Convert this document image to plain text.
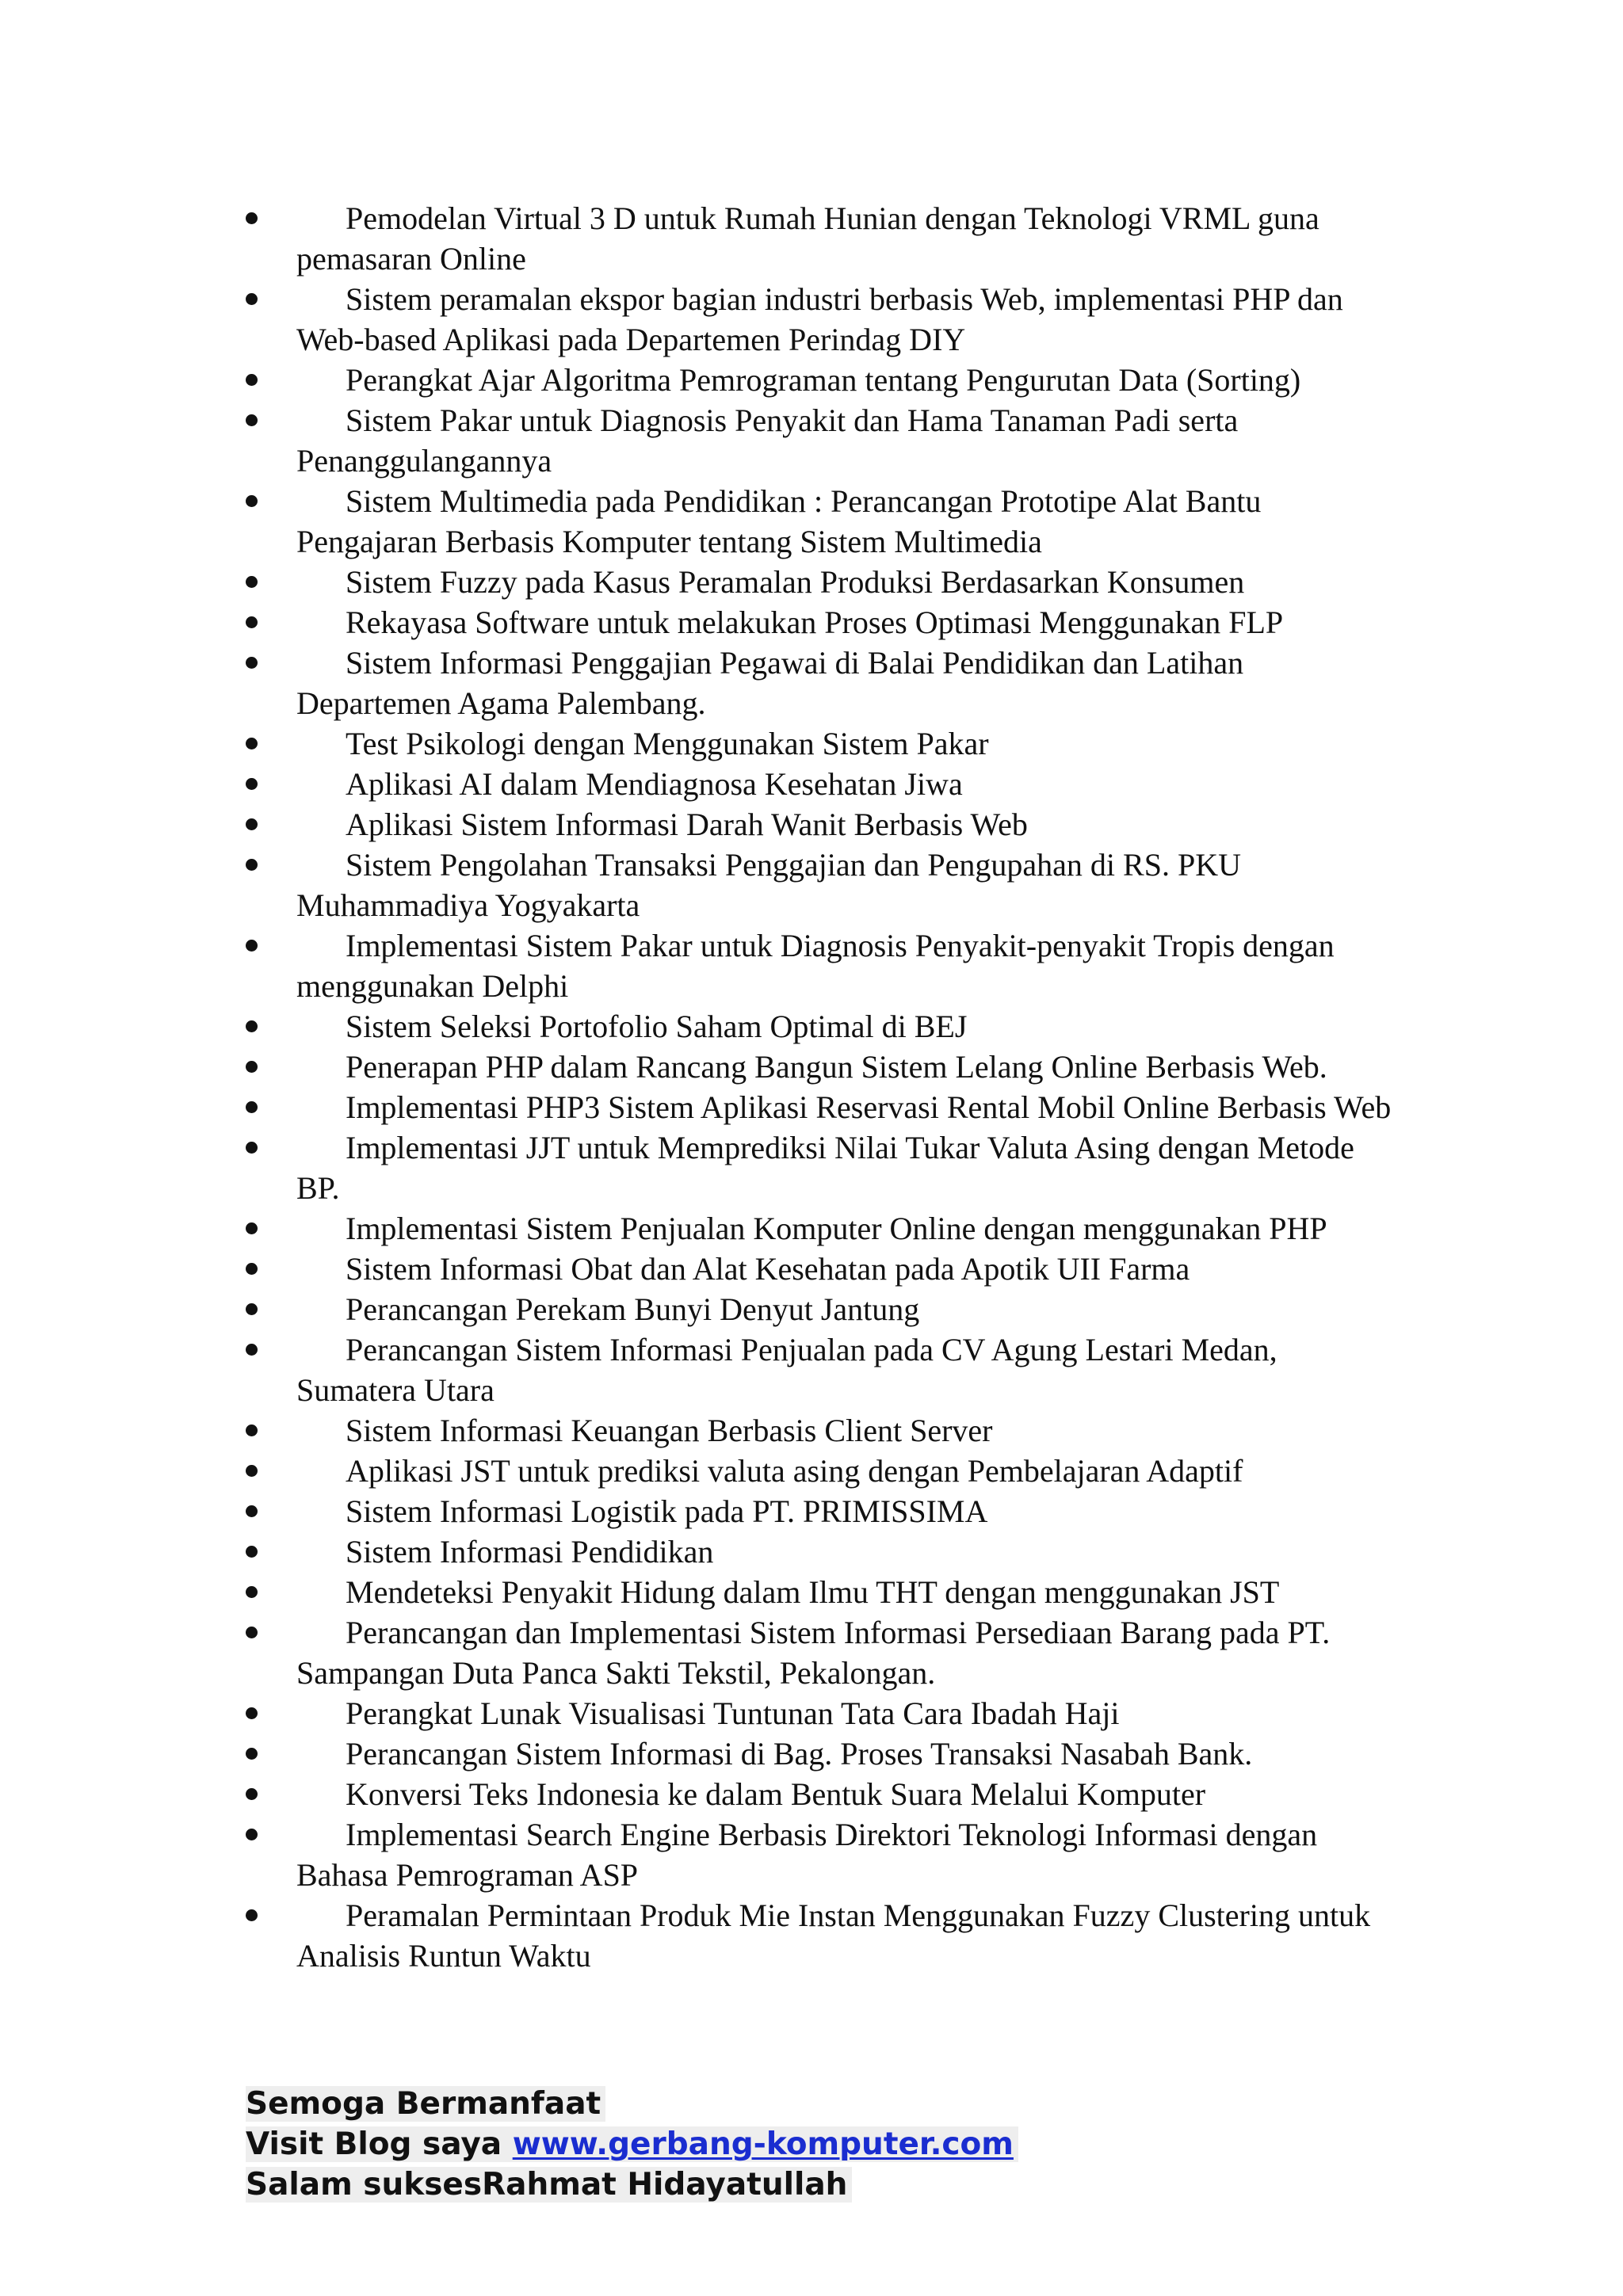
Pemodelan Virtual 3 D untuk Rumah Hunian dengan Teknologi VRML guna pemasaran Online
Sistem peramalan ekspor bagian industri berbasis Web, implementasi PHP dan Web-based Aplikasi pada Departemen Perindag DIY
Perangkat Ajar Algoritma Pemrograman tentang Pengurutan Data (Sorting)
Sistem Pakar untuk Diagnosis Penyakit dan Hama Tanaman Padi serta Penanggulangannya
Sistem Multimedia pada Pendidikan : Perancangan Prototipe Alat Bantu Pengajaran Berbasis Komputer tentang Sistem Multimedia
Sistem Fuzzy pada Kasus Peramalan Produksi Berdasarkan Konsumen
Rekayasa Software untuk melakukan Proses Optimasi Menggunakan FLP
Sistem Informasi Penggajian Pegawai di Balai Pendidikan dan Latihan Departemen Agama Palembang.
Test Psikologi dengan Menggunakan Sistem Pakar
Aplikasi AI dalam Mendiagnosa Kesehatan Jiwa
Aplikasi Sistem Informasi Darah Wanit Berbasis Web
Sistem Pengolahan Transaksi Penggajian dan Pengupahan di RS. PKU Muhammadiya Yogyakarta
Implementasi Sistem Pakar untuk Diagnosis Penyakit-penyakit Tropis dengan menggunakan Delphi
Sistem Seleksi Portofolio Saham Optimal di BEJ
Penerapan PHP dalam Rancang Bangun Sistem Lelang Online Berbasis Web.
Implementasi PHP3 Sistem Aplikasi Reservasi Rental Mobil Online Berbasis Web
Implementasi JJT untuk Memprediksi Nilai Tukar Valuta Asing dengan Metode BP.
Implementasi Sistem Penjualan Komputer Online dengan menggunakan PHP
Sistem Informasi Obat dan Alat Kesehatan pada Apotik UII Farma
Perancangan Perekam Bunyi Denyut Jantung
Perancangan Sistem Informasi Penjualan pada CV Agung Lestari Medan, Sumatera Utara
Sistem Informasi Keuangan Berbasis Client Server
Aplikasi JST untuk prediksi valuta asing dengan Pembelajaran Adaptif
Sistem Informasi Logistik pada PT. PRIMISSIMA
Sistem Informasi Pendidikan
Mendeteksi Penyakit Hidung dalam Ilmu THT dengan menggunakan JST
Perancangan dan Implementasi Sistem Informasi Persediaan Barang pada PT. Sampangan Duta Panca Sakti Tekstil, Pekalongan.
Perangkat Lunak Visualisasi Tuntunan Tata Cara Ibadah Haji
Perancangan Sistem Informasi di Bag. Proses Transaksi Nasabah Bank.
Konversi Teks Indonesia ke dalam Bentuk Suara Melalui Komputer
Implementasi Search Engine Berbasis Direktori Teknologi Informasi dengan Bahasa Pemrograman ASP
Peramalan Permintaan Produk Mie Instan Menggunakan Fuzzy Clustering untuk Analisis Runtun Waktu
Semoga Bermanfaat
Visit Blog saya www.gerbang-komputer.com
Salam suksesRahmat Hidayatullah
